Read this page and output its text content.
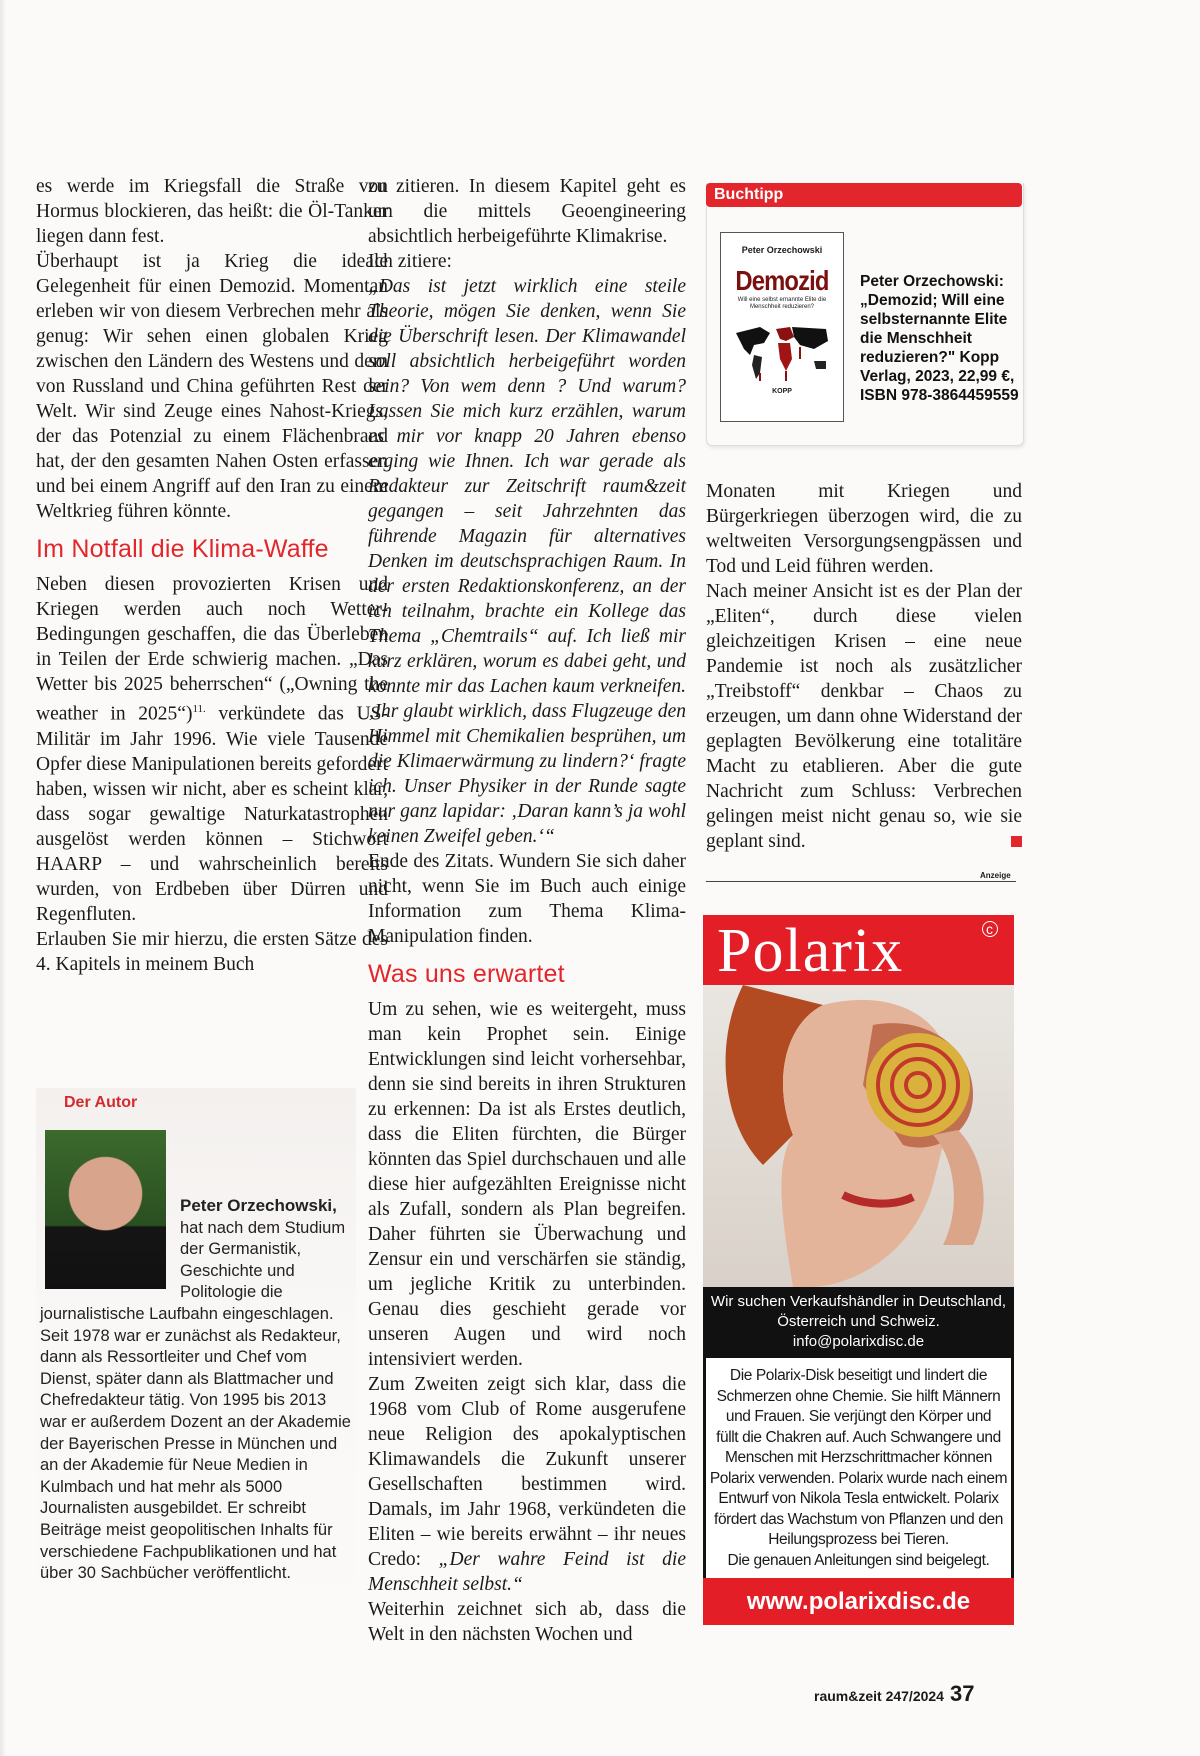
es werde im Kriegsfall die Straße von Hormus blockieren, das heißt: die Öl-Tanker liegen dann fest.

Überhaupt ist ja Krieg die ideale Gelegenheit für einen Demozid. Momentan erleben wir von diesem Verbrechen mehr als genug: Wir sehen einen globalen Krieg zwischen den Ländern des Westens und dem von Russland und China geführten Rest der Welt. Wir sind Zeuge eines Nahost-Kriegs, der das Potenzial zu einem Flächenbrand hat, der den gesamten Nahen Osten erfassen und bei einem Angriff auf den Iran zu einem Weltkrieg führen könnte.

Im Notfall die Klima-Waffe

Neben diesen provozierten Krisen und Kriegen werden auch noch Wetter-Bedingungen geschaffen, die das Überleben in Teilen der Erde schwierig machen. „Das Wetter bis 2025 beherrschen“ („Owning the weather in 2025“)$^{11.}$ verkündete das US-Militär im Jahr 1996. Wie viele Tausende Opfer diese Manipulationen bereits gefordert haben, wissen wir nicht, aber es scheint klar, dass sogar gewaltige Naturkatastrophen ausgelöst werden können – Stichwort HAARP – und wahrscheinlich bereits wurden, von Erdbeben über Dürren und Regenfluten.

Erlauben Sie mir hierzu, die ersten Sätze des 4. Kapitels in meinem Buch

zu zitieren. In diesem Kapitel geht es um die mittels Geoengineering absichtlich herbeigeführte Klimakrise.

Ich zitiere:

„Das ist jetzt wirklich eine steile Theorie, mögen Sie denken, wenn Sie die Überschrift lesen. Der Klimawandel soll absichtlich herbeigeführt worden sein? Von wem denn ? Und warum? Lassen Sie mich kurz erzählen, warum es mir vor knapp 20 Jahren ebenso erging wie Ihnen. Ich war gerade als Redakteur zur Zeitschrift raum&zeit gegangen – seit Jahrzehnten das führende Magazin für alternatives Denken im deutschsprachigen Raum. In der ersten Redaktionskonferenz, an der ich teilnahm, brachte ein Kollege das Thema „Chemtrails“ auf. Ich ließ mir kurz erklären, worum es dabei geht, und konnte mir das Lachen kaum verkneifen. ‚Ihr glaubt wirklich, dass Flugzeuge den Himmel mit Chemikalien besprühen, um die Klimaerwärmung zu lindern?‘ fragte ich. Unser Physiker in der Runde sagte nur ganz lapidar: ‚Daran kann’s ja wohl keinen Zweifel geben.‘“

Ende des Zitats. Wundern Sie sich daher nicht, wenn Sie im Buch auch einige Information zum Thema Klima-Manipulation finden.

Was uns erwartet

Um zu sehen, wie es weitergeht, muss man kein Prophet sein. Einige Entwicklungen sind leicht vorhersehbar, denn sie sind bereits in ihren Strukturen zu erkennen: Da ist als Erstes deutlich, dass die Eliten fürchten, die Bürger könnten das Spiel durchschauen und alle diese hier aufgezählten Ereignisse nicht als Zufall, sondern als Plan begreifen. Daher führten sie Überwachung und Zensur ein und verschärfen sie ständig, um jegliche Kritik zu unterbinden. Genau dies geschieht gerade vor unseren Augen und wird noch intensiviert werden.

Zum Zweiten zeigt sich klar, dass die 1968 vom Club of Rome ausgerufene neue Religion des apokalyptischen Klimawandels die Zukunft unserer Gesellschaften bestimmen wird. Damals, im Jahr 1968, verkündeten die Eliten – wie bereits erwähnt – ihr neues Credo: „Der wahre Feind ist die Menschheit selbst.“

Weiterhin zeichnet sich ab, dass die Welt in den nächsten Wochen und

Buchtipp
Peter Orzechowski
Demozid
Will eine selbst ernannte Elite die Menschheit reduzieren?
KOPP
Peter Orzechowski: „Demozid; Will eine selbsternannte Elite die Menschheit reduzieren?" Kopp Verlag, 2023, 22,99 €, ISBN 978-3864459559

Monaten mit Kriegen und Bürgerkriegen überzogen wird, die zu weltweiten Versorgungsengpässen und Tod und Leid führen werden.

Nach meiner Ansicht ist es der Plan der „Eliten“, durch diese vielen gleichzeitigen Krisen – eine neue Pandemie ist noch als zusätzlicher „Treibstoff“ denkbar – Chaos zu erzeugen, um dann ohne Widerstand der geplagten Bevölkerung eine totalitäre Macht zu etablieren. Aber die gute Nachricht zum Schluss: Verbrechen gelingen meist nicht genau so, wie sie geplant sind.

Anzeige
Polarix	c
Wir suchen Verkaufshändler in Deutschland,
Österreich und Schweiz.
info@polarixdisc.de
Die Polarix-Disk beseitigt und lindert die
Schmerzen ohne Chemie. Sie hilft Männern
und Frauen. Sie verjüngt den Körper und
füllt die Chakren auf. Auch Schwangere und
Menschen mit Herzschrittmacher können
Polarix verwenden. Polarix wurde nach einem
Entwurf von Nikola Tesla entwickelt. Polarix
fördert das Wachstum von Pflanzen und den
Heilungsprozess bei Tieren.
Die genauen Anleitungen sind beigelegt.
www.polarixdisc.de
Der Autor
Peter Orzechowski, hat nach dem Studium der Germanistik, Geschichte und Politologie die journalistische Laufbahn eingeschlagen. Seit 1978 war er zunächst als Redakteur, dann als Ressortleiter und Chef vom Dienst, später dann als Blattmacher und Chefredakteur tätig. Von 1995 bis 2013 war er außerdem Dozent an der Akademie der Bayerischen Presse in München und an der Akademie für Neue Medien in Kulmbach und hat mehr als 5000 Journalisten ausgebildet. Er schreibt Beiträge meist geopolitischen Inhalts für verschiedene Fachpublikationen und hat über 30 Sachbücher veröffentlicht.
raum&zeit 247/2024 37
